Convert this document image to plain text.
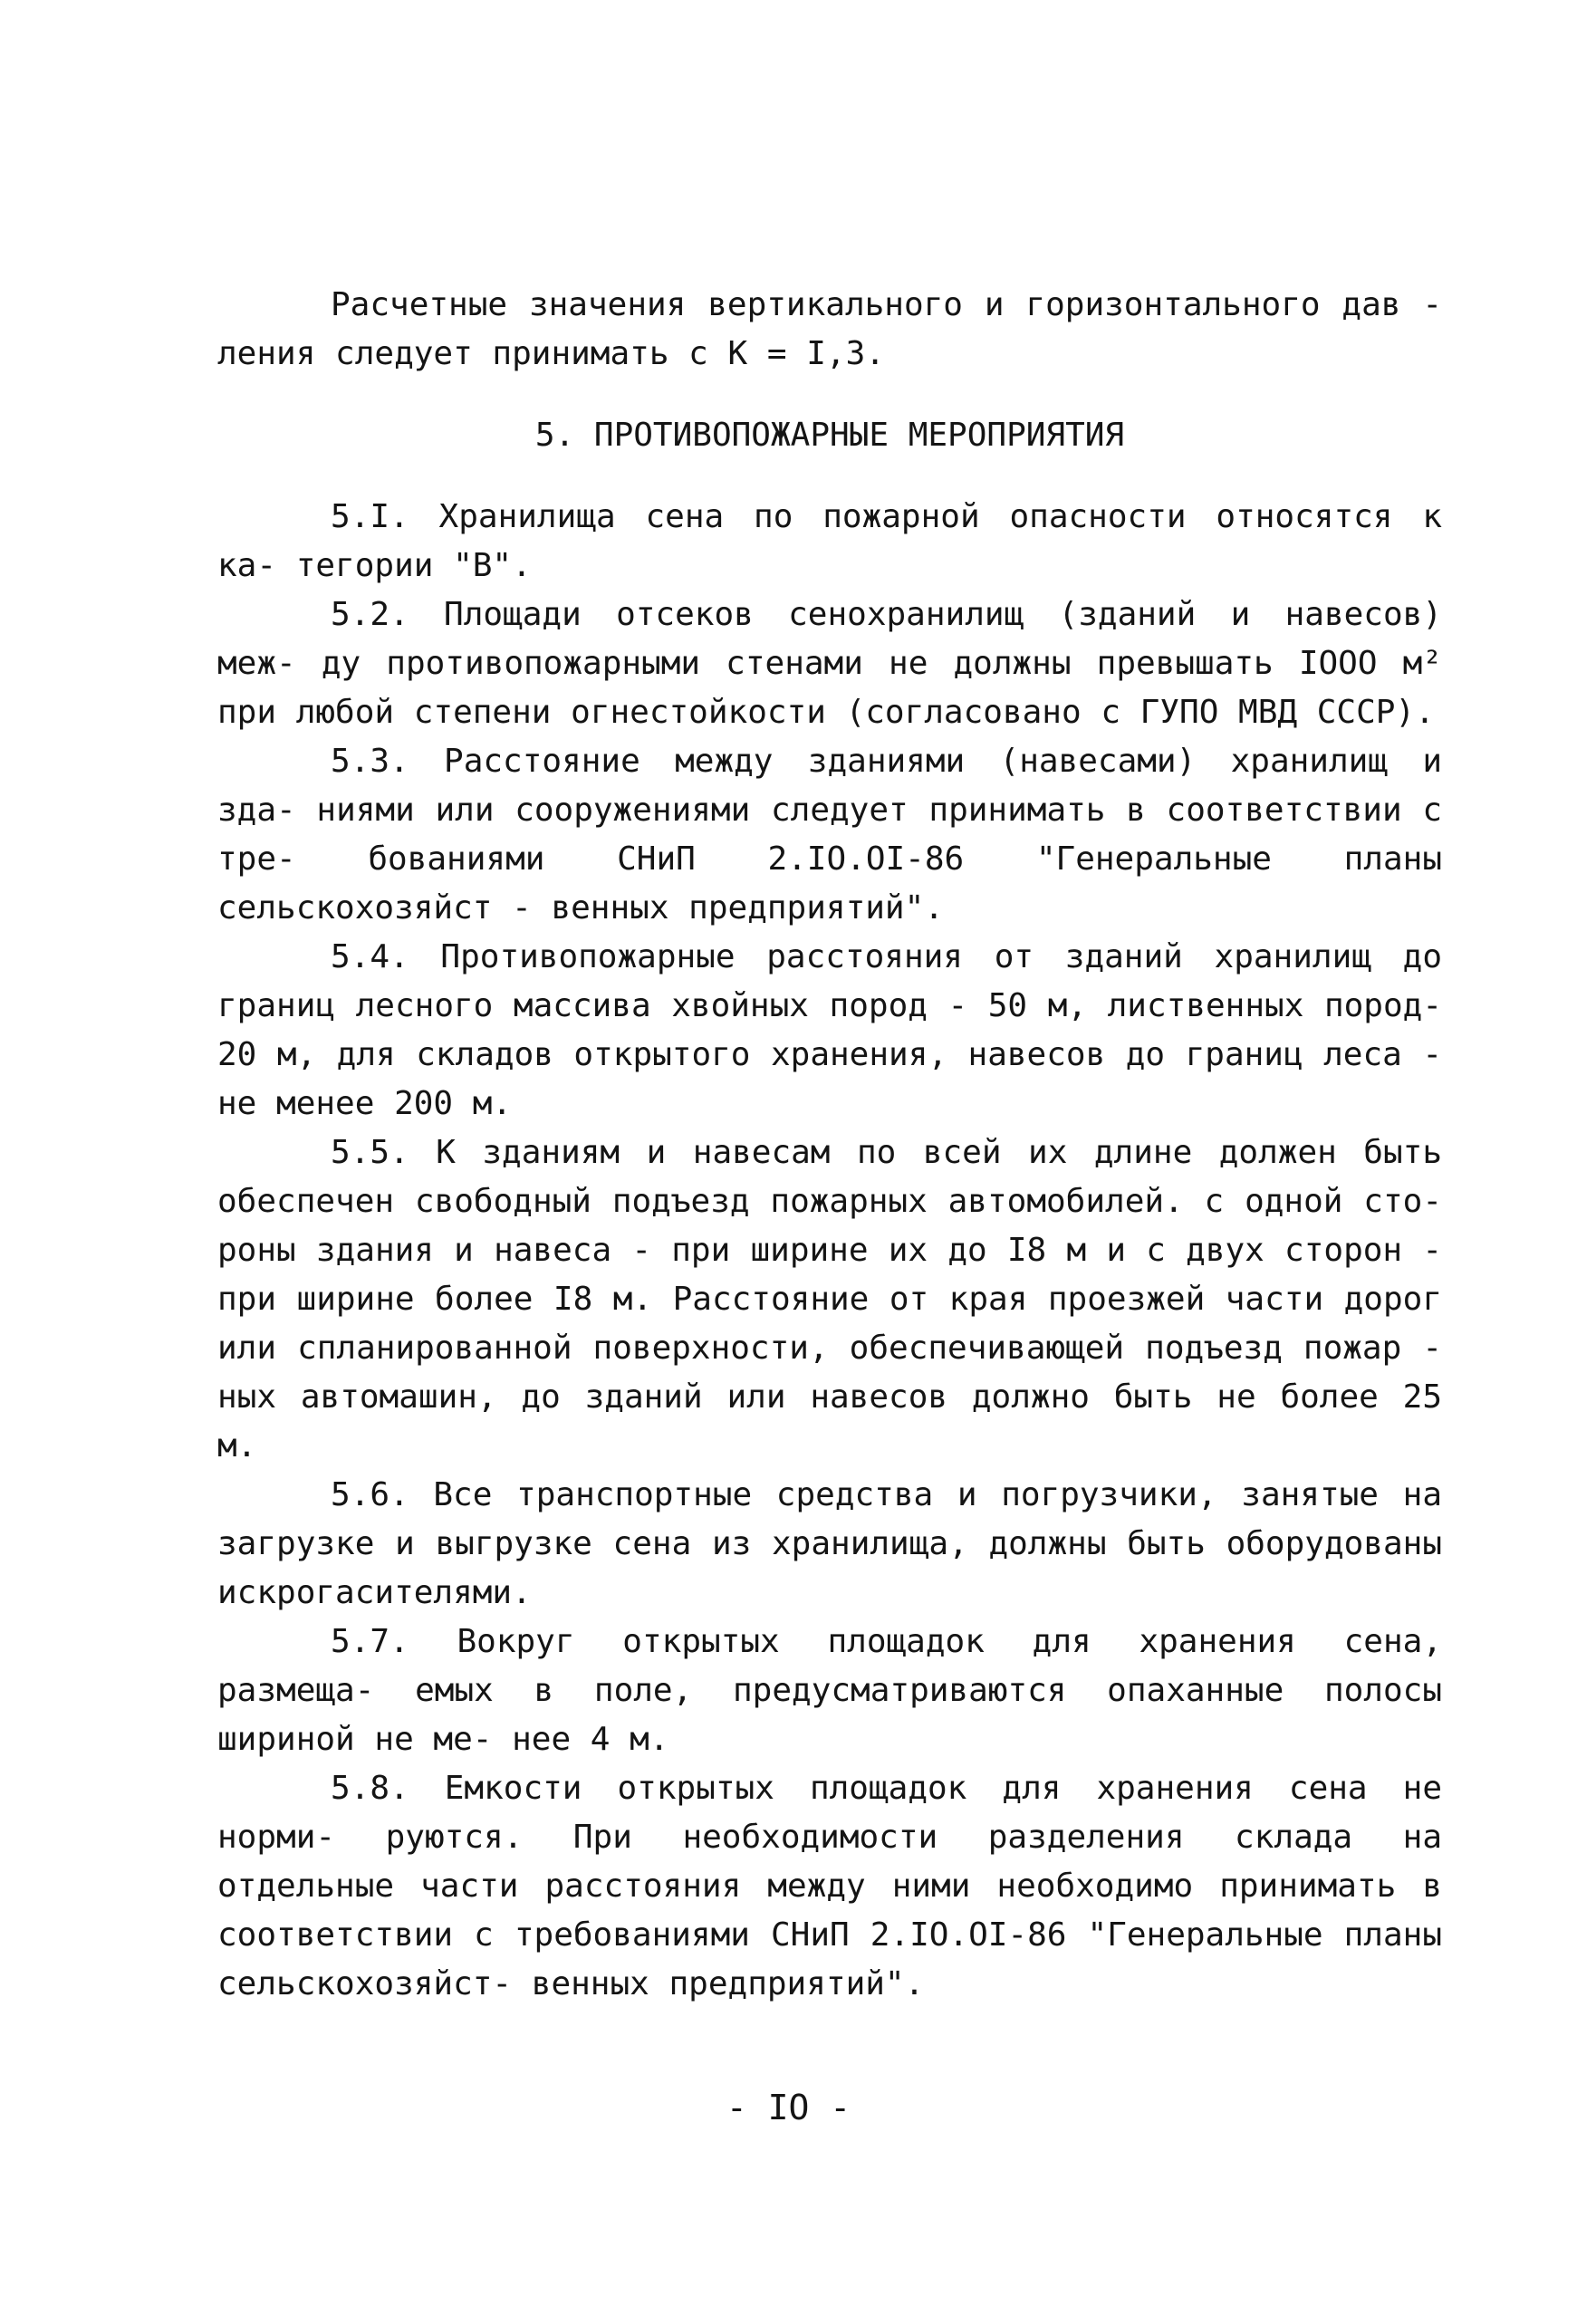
Расчетные значения вертикального и горизонтального дав - ления следует принимать с К = I,3.

5. ПРОТИВОПОЖАРНЫЕ МЕРОПРИЯТИЯ

5.I. Хранилища сена по пожарной опасности относятся к ка- тегории "В".

5.2. Площади отсеков сенохранилищ (зданий и навесов) меж- ду противопожарными стенами не должны превышать IOOO м² при любой степени огнестойкости (согласовано с ГУПО МВД СССР).

5.3. Расстояние между зданиями (навесами) хранилищ и зда- ниями или сооружениями следует принимать в соответствии с тре- бованиями СНиП 2.IO.OI-86 "Генеральные планы сельскохозяйст - венных предприятий".

5.4. Противопожарные расстояния от зданий хранилищ до границ лесного массива хвойных пород - 50 м, лиственных пород- 20 м, для складов открытого хранения, навесов до границ леса - не менее 200 м.

5.5. К зданиям и навесам по всей их длине должен быть обеспечен свободный подъезд пожарных автомобилей. с одной сто- роны здания и навеса - при ширине их до I8 м и с двух сторон - при ширине более I8 м. Расстояние от края проезжей части дорог или спланированной поверхности, обеспечивающей подъезд пожар - ных автомашин, до зданий или навесов должно быть не более 25 м.

5.6. Все транспортные средства и погрузчики, занятые на загрузке и выгрузке сена из хранилища, должны быть оборудованы искрогасителями.

5.7. Вокруг открытых площадок для хранения сена, размеща- емых в поле, предусматриваются опаханные полосы шириной не ме- нее 4 м.

5.8. Емкости открытых площадок для хранения сена не норми- руются. При необходимости разделения склада на отдельные части расстояния между ними необходимо принимать в соответствии с требованиями СНиП 2.IO.OI-86 "Генеральные планы сельскохозяйст- венных предприятий".

- IO -
